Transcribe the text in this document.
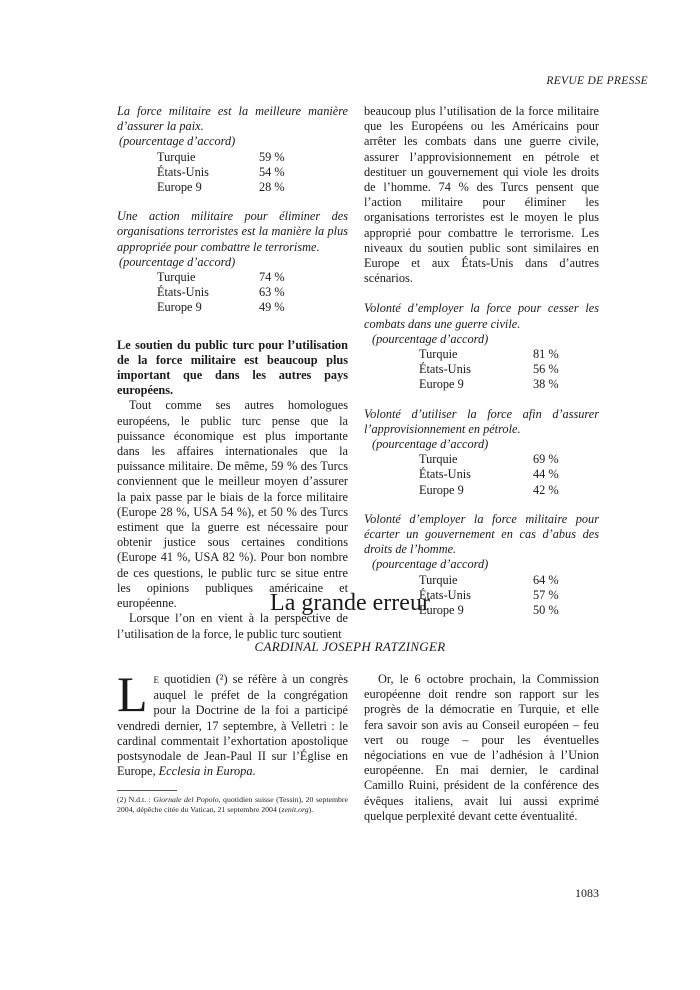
REVUE DE PRESSE

La force militaire est la meilleure manière d’assurer la paix.

(pourcentage d’accord)

Turquie	59 %
États-Unis	54 %
Europe 9	28 %

Une action militaire pour éliminer des organisations terroristes est la manière la plus appropriée pour combattre le terrorisme.

(pourcentage d’accord)

Turquie	74 %
États-Unis	63 %
Europe 9	49 %

Le soutien du public turc pour l’utilisation de la force militaire est beaucoup plus important que dans les autres pays européens.

Tout comme ses autres homologues européens, le public turc pense que la puissance économique est plus importante dans les affaires internationales que la puissance militaire. De même, 59 % des Turcs conviennent que le meilleur moyen d’assurer la paix passe par le biais de la force militaire (Europe 28 %, USA 54 %), et 50 % des Turcs estiment que la guerre est nécessaire pour obtenir justice sous certaines conditions (Europe 41 %, USA 82 %). Pour bon nombre de ces questions, le public turc se situe entre les opinions publiques américaine et européenne.

Lorsque l’on en vient à la perspective de l’utilisation de la force, le public turc soutient

beaucoup plus l’utilisation de la force militaire que les Européens ou les Américains pour arrêter les combats dans une guerre civile, assurer l’approvisionnement en pétrole et destituer un gouvernement qui viole les droits de l’homme. 74 % des Turcs pensent que l’action militaire pour éliminer les organisations terroristes est le moyen le plus approprié pour combattre le terrorisme. Les niveaux du soutien public sont similaires en Europe et aux États-Unis dans d’autres scénarios.

Volonté d’employer la force pour cesser les combats dans une guerre civile.

(pourcentage d’accord)

Turquie	81 %
États-Unis	56 %
Europe 9	38 %

Volonté d’utiliser la force afin d’assurer l’approvisionnement en pétrole.

(pourcentage d’accord)

Turquie	69 %
États-Unis	44 %
Europe 9	42 %

Volonté d’employer la force militaire pour écarter un gouvernement en cas d’abus des droits de l’homme.

(pourcentage d’accord)

Turquie	64 %
États-Unis	57 %
Europe 9	50 %
La grande erreur
CARDINAL JOSEPH RATZINGER

L E quotidien (²) se réfère à un congrès auquel le préfet de la congrégation pour la Doctrine de la foi a participé vendredi dernier, 17 septembre, à Velletri : le cardinal commentait l’exhortation apostolique postsynodale de Jean-Paul II sur l’Église en Europe, Ecclesia in Europa.

Or, le 6 octobre prochain, la Commission européenne doit rendre son rapport sur les progrès de la démocratie en Turquie, et elle fera savoir son avis au Conseil européen – feu vert ou rouge – pour les éventuelles négociations en vue de l’adhésion à l’Union européenne. En mai dernier, le cardinal Camillo Ruini, président de la conférence des évêques italiens, avait lui aussi exprimé quelque perplexité devant cette éventualité.

(2) N.d.t. : Giornale del Popolo, quotidien suisse (Tessin), 20 septembre 2004, dépêche citée du Vatican, 21 septembre 2004 (zenit.org).
1083
